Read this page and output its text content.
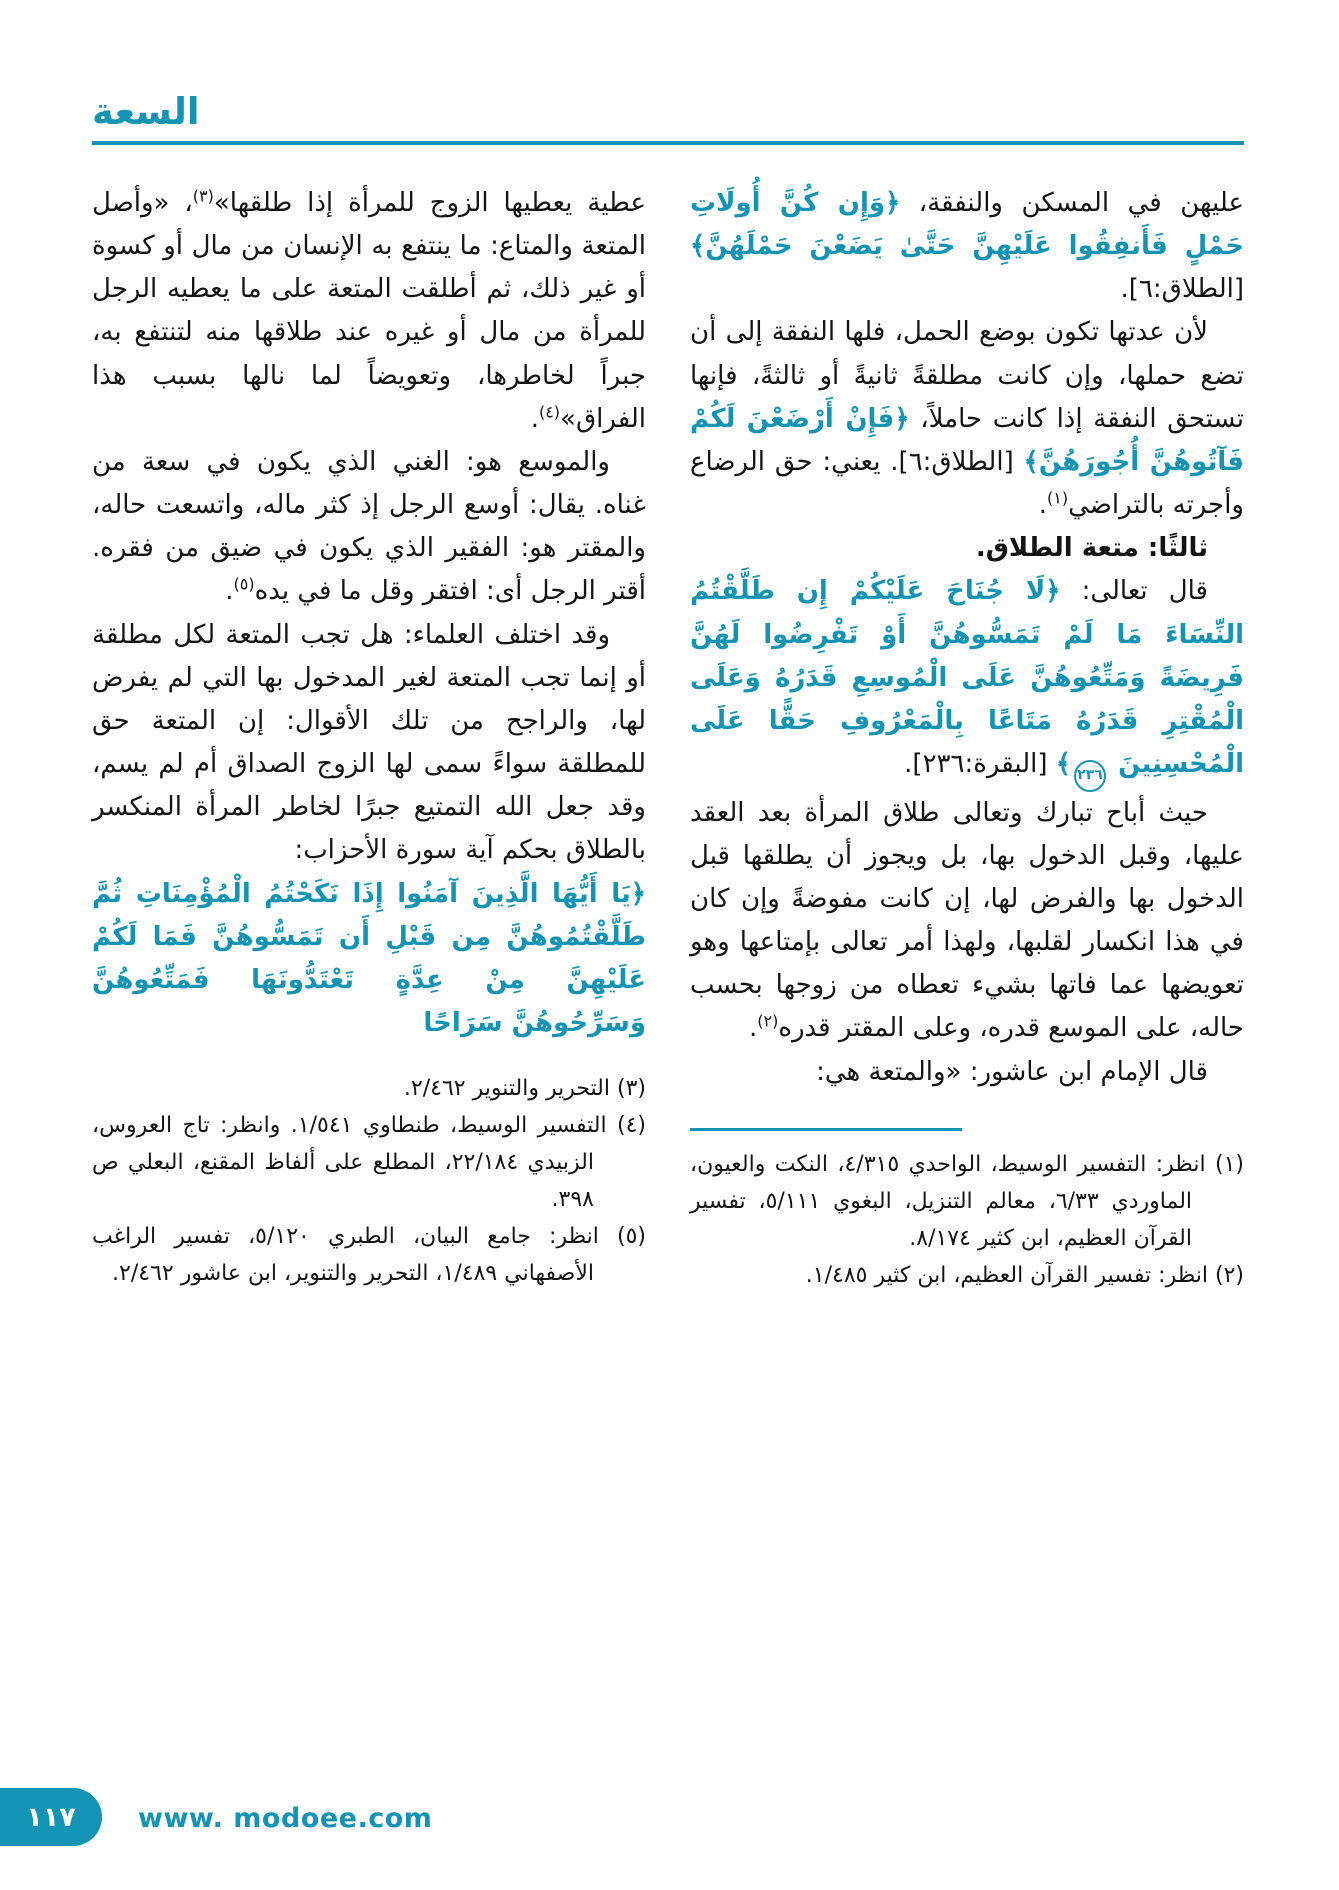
السعة

عليهن في المسكن والنفقة، ﴿وَإِن كُنَّ أُولَاتِ حَمْلٍ فَأَنفِقُوا عَلَيْهِنَّ حَتَّىٰ يَضَعْنَ حَمْلَهُنَّ﴾ [الطلاق:٦].

لأن عدتها تكون بوضع الحمل، فلها النفقة إلى أن تضع حملها، وإن كانت مطلقةً ثانيةً أو ثالثةً، فإنها تستحق النفقة إذا كانت حاملاً، ﴿فَإِنْ أَرْضَعْنَ لَكُمْ فَآتُوهُنَّ أُجُورَهُنَّ﴾ [الطلاق:٦]. يعني: حق الرضاع وأجرته بالتراضي$^{(١)}$.

ثالثًا: متعة الطلاق.

قال تعالى: ﴿لَا جُنَاحَ عَلَيْكُمْ إِن طَلَّقْتُمُ النِّسَاءَ مَا لَمْ تَمَسُّوهُنَّ أَوْ تَفْرِضُوا لَهُنَّ فَرِيضَةً وَمَتِّعُوهُنَّ عَلَى الْمُوسِعِ قَدَرُهُ وَعَلَى الْمُقْتِرِ قَدَرُهُ مَتَاعًا بِالْمَعْرُوفِ حَقًّا عَلَى الْمُحْسِنِينَ ٢٣٦﴾ [البقرة:٢٣٦].

حيث أباح تبارك وتعالى طلاق المرأة بعد العقد عليها، وقبل الدخول بها، بل ويجوز أن يطلقها قبل الدخول بها والفرض لها، إن كانت مفوضةً وإن كان في هذا انكسار لقلبها، ولهذا أمر تعالى بإمتاعها وهو تعويضها عما فاتها بشيء تعطاه من زوجها بحسب حاله، على الموسع قدره، وعلى المقتر قدره$^{(٢)}$.

قال الإمام ابن عاشور: «والمتعة هي:

(١) انظر: التفسير الوسيط، الواحدي ٤/٣١٥، النكت والعيون، الماوردي ٦/٣٣، معالم التنزيل، البغوي ٥/١١١، تفسير القرآن العظيم، ابن كثير ٨/١٧٤.

(٢) انظر: تفسير القرآن العظيم، ابن كثير ١/٤٨٥.

عطية يعطيها الزوج للمرأة إذا طلقها»$^{(٣)}$، «وأصل المتعة والمتاع: ما ينتفع به الإنسان من مال أو كسوة أو غير ذلك، ثم أطلقت المتعة على ما يعطيه الرجل للمرأة من مال أو غيره عند طلاقها منه لتنتفع به، جبراً لخاطرها، وتعويضاً لما نالها بسبب هذا الفراق»$^{(٤)}$.

والموسع هو: الغني الذي يكون في سعة من غناه. يقال: أوسع الرجل إذ كثر ماله، واتسعت حاله، والمقتر هو: الفقير الذي يكون في ضيق من فقره. أقتر الرجل أى: افتقر وقل ما في يده$^{(٥)}$.

وقد اختلف العلماء: هل تجب المتعة لكل مطلقة أو إنما تجب المتعة لغير المدخول بها التي لم يفرض لها، والراجح من تلك الأقوال: إن المتعة حق للمطلقة سواءً سمى لها الزوج الصداق أم لم يسم، وقد جعل الله التمتيع جبرًا لخاطر المرأة المنكسر بالطلاق بحكم آية سورة الأحزاب:

﴿يَا أَيُّهَا الَّذِينَ آمَنُوا إِذَا نَكَحْتُمُ الْمُؤْمِنَاتِ ثُمَّ طَلَّقْتُمُوهُنَّ مِن قَبْلِ أَن تَمَسُّوهُنَّ فَمَا لَكُمْ عَلَيْهِنَّ مِنْ عِدَّةٍ تَعْتَدُّونَهَا فَمَتِّعُوهُنَّ وَسَرِّحُوهُنَّ سَرَاحًا

(٣) التحرير والتنوير ٢/٤٦٢.

(٤) التفسير الوسيط، طنطاوي ١/٥٤١. وانظر: تاج العروس، الزبيدي ٢٢/١٨٤، المطلع على ألفاظ المقنع، البعلي ص ٣٩٨.

(٥) انظر: جامع البيان، الطبري ٥/١٢٠، تفسير الراغب الأصفهاني ١/٤٨٩، التحرير والتنوير، ابن عاشور ٢/٤٦٢.

١١٧ www. modoee.com
